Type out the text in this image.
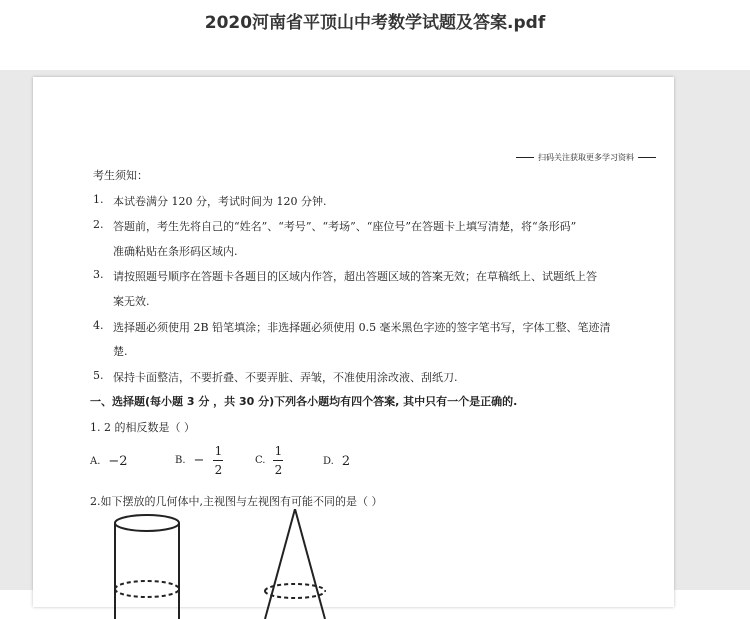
2020河南省平顶山中考数学试题及答案.pdf
扫码关注获取更多学习资料
考生须知：
1. 本试卷满分 120 分，考试时间为 120 分钟.
2. 答题前，考生先将自己的“姓名”、“考号”、“考场”、“座位号”在答题卡上填写清楚，将“条形码”
准确粘贴在条形码区域内.
3. 请按照题号顺序在答题卡各题目的区域内作答，超出答题区域的答案无效；在草稿纸上、试题纸上答
案无效.
4. 选择题必须使用 2B 铅笔填涂；非选择题必须使用 0.5 毫米黑色字迹的签字笔书写，字体工整、笔迹清
楚.
5. 保持卡面整洁，不要折叠、不要弄脏、弄皱，不准使用涂改液、刮纸刀.
一、选择题(每小题 3 分 ，共 30 分)下列各小题均有四个答案, 其中只有一个是正确的.
1. 2 的相反数是（ ）
A. −2	B. − $\frac{1}{2}$	C. $\frac{1}{2}$	D. 2
2.如下摆放的几何体中,主视图与左视图有可能不同的是（ ）
